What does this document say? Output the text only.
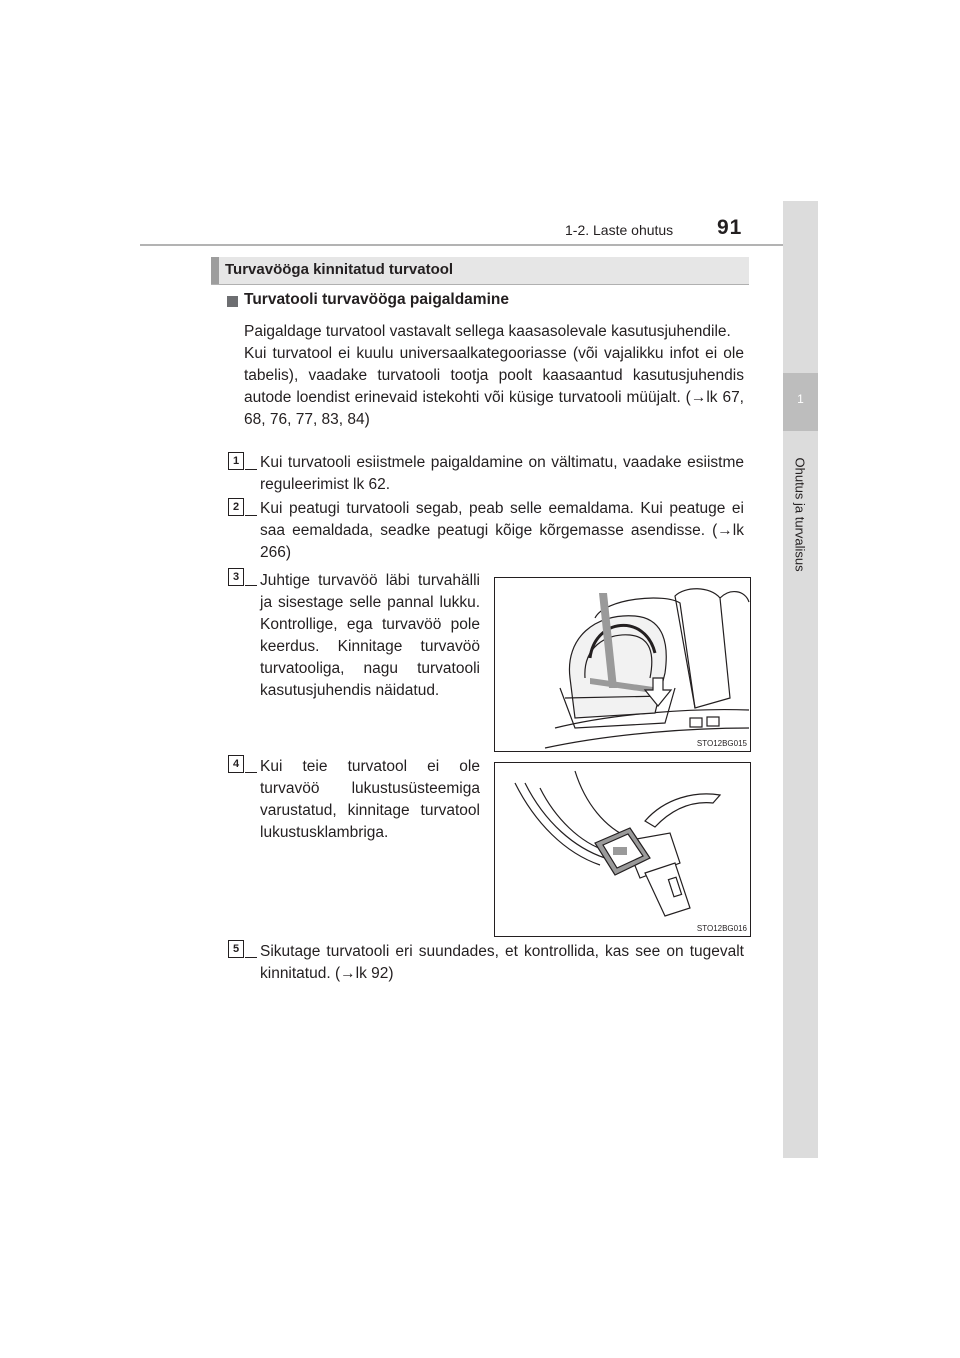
1-2. Laste ohutus 91
1
Ohutus ja turvalisus
Turvavööga kinnitatud turvatool
Turvatooli turvavööga paigaldamine
Paigaldage turvatool vastavalt sellega kaasasolevale kasutusjuhendile.
Kui turvatool ei kuulu universaalkategooriasse (või vajalikku infot ei ole tabelis), vaadake turvatooli tootja poolt kaasaantud kasutusjuhendis autode loendist erinevaid istekohti või küsige turvatooli müüjalt. (→lk 67, 68, 76, 77, 83, 84)
1	Kui turvatooli esiistmele paigaldamine on vältimatu, vaadake esiistme reguleerimist lk 62.
2	Kui peatugi turvatooli segab, peab selle eemaldama. Kui peatuge ei saa eemaldada, seadke peatugi kõige kõrgemasse asendisse. (→lk 266)
3	Juhtige turvavöö läbi turvahälli ja sisestage selle pannal lukku. Kontrollige, ega turvavöö pole keerdus. Kinnitage turvavöö turvatooliga, nagu turvatooli kasutusjuhendis näidatud.
STO12BG015
4	Kui teie turvatool ei ole turvavöö lukustusüsteemiga varustatud, kinnitage turvatool lukustusklambriga.
STO12BG016
5	Sikutage turvatooli eri suundades, et kontrollida, kas see on tugevalt kinnitatud. (→lk 92)
